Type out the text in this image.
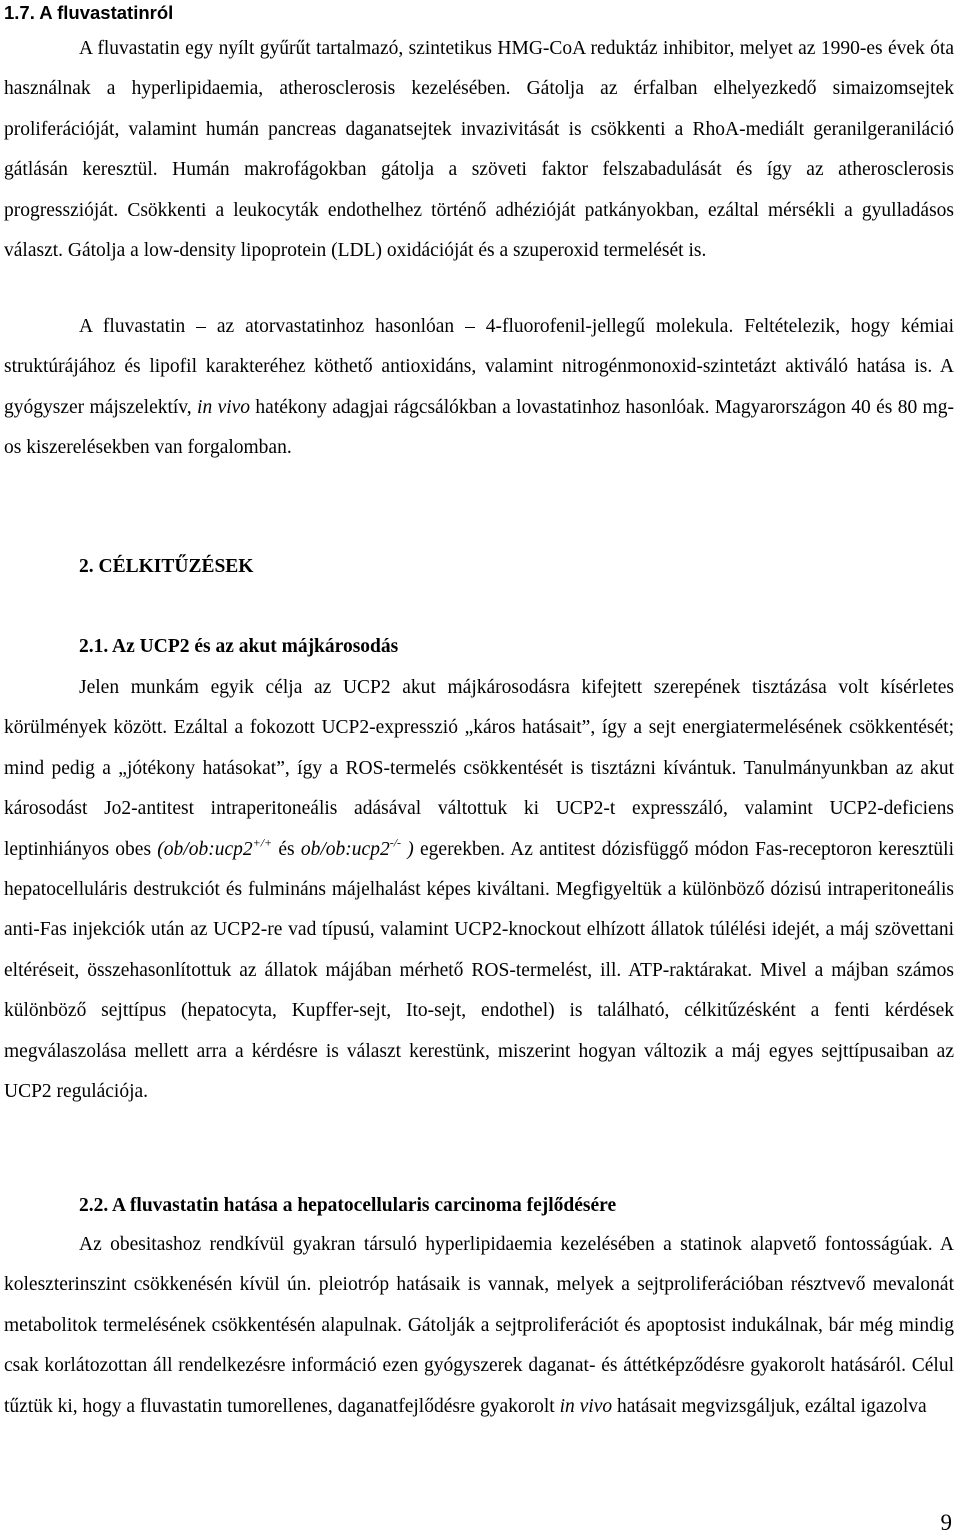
1.7. A fluvastatinról

A fluvastatin egy nyílt gyűrűt tartalmazó, szintetikus HMG-CoA reduktáz inhibitor, melyet az 1990-es évek óta használnak a hyperlipidaemia, atherosclerosis kezelésében. Gátolja az érfalban elhelyezkedő simaizomsejtek proliferációját, valamint humán pancreas daganatsejtek invazivitását is csökkenti a RhoA-mediált geranilgeraniláció gátlásán keresztül. Humán makrofágokban gátolja a szöveti faktor felszabadulását és így az atherosclerosis progresszióját. Csökkenti a leukocyták endothelhez történő adhézióját patkányokban, ezáltal mérsékli a gyulladásos választ. Gátolja a low-density lipoprotein (LDL) oxidációját és a szuperoxid termelését is.

A fluvastatin – az atorvastatinhoz hasonlóan – 4-fluorofenil-jellegű molekula. Feltételezik, hogy kémiai struktúrájához és lipofil karakteréhez köthető antioxidáns, valamint nitrogénmonoxid-szintetázt aktiváló hatása is. A gyógyszer májszelektív, in vivo hatékony adagjai rágcsálókban a lovastatinhoz hasonlóak. Magyarországon 40 és 80 mg-os kiszerelésekben van forgalomban.

2. CÉLKITŰZÉSEK
2.1. Az UCP2 és az akut májkárosodás

Jelen munkám egyik célja az UCP2 akut májkárosodásra kifejtett szerepének tisztázása volt kísérletes körülmények között. Ezáltal a fokozott UCP2-expresszió „káros hatásait”, így a sejt energiatermelésének csökkentését; mind pedig a „jótékony hatásokat”, így a ROS-termelés csökkentését is tisztázni kívántuk. Tanulmányunkban az akut károsodást Jo2-antitest intraperitoneális adásával váltottuk ki UCP2-t expresszáló, valamint UCP2-deficiens leptinhiányos obes (ob/ob:ucp2+/+ és ob/ob:ucp2-/- ) egerekben. Az antitest dózisfüggő módon Fas-receptoron keresztüli hepatocelluláris destrukciót és fulmináns májelhalást képes kiváltani. Megfigyeltük a különböző dózisú intraperitoneális anti-Fas injekciók után az UCP2-re vad típusú, valamint UCP2-knockout elhízott állatok túlélési idejét, a máj szövettani eltéréseit, összehasonlítottuk az állatok májában mérhető ROS-termelést, ill. ATP-raktárakat. Mivel a májban számos különböző sejttípus (hepatocyta, Kupffer-sejt, Ito-sejt, endothel) is található, célkitűzésként a fenti kérdések megválaszolása mellett arra a kérdésre is választ kerestünk, miszerint hogyan változik a máj egyes sejttípusaiban az UCP2 regulációja.

2.2. A fluvastatin hatása a hepatocellularis carcinoma fejlődésére

Az obesitashoz rendkívül gyakran társuló hyperlipidaemia kezelésében a statinok alapvető fontosságúak. A koleszterinszint csökkenésén kívül ún. pleiotróp hatásaik is vannak, melyek a sejtproliferációban résztvevő mevalonát metabolitok termelésének csökkentésén alapulnak. Gátolják a sejtproliferációt és apoptosist indukálnak, bár még mindig csak korlátozottan áll rendelkezésre információ ezen gyógyszerek daganat- és áttétképződésre gyakorolt hatásáról. Célul tűztük ki, hogy a fluvastatin tumorellenes, daganatfejlődésre gyakorolt in vivo hatásait megvizsgáljuk, ezáltal igazolva

9
